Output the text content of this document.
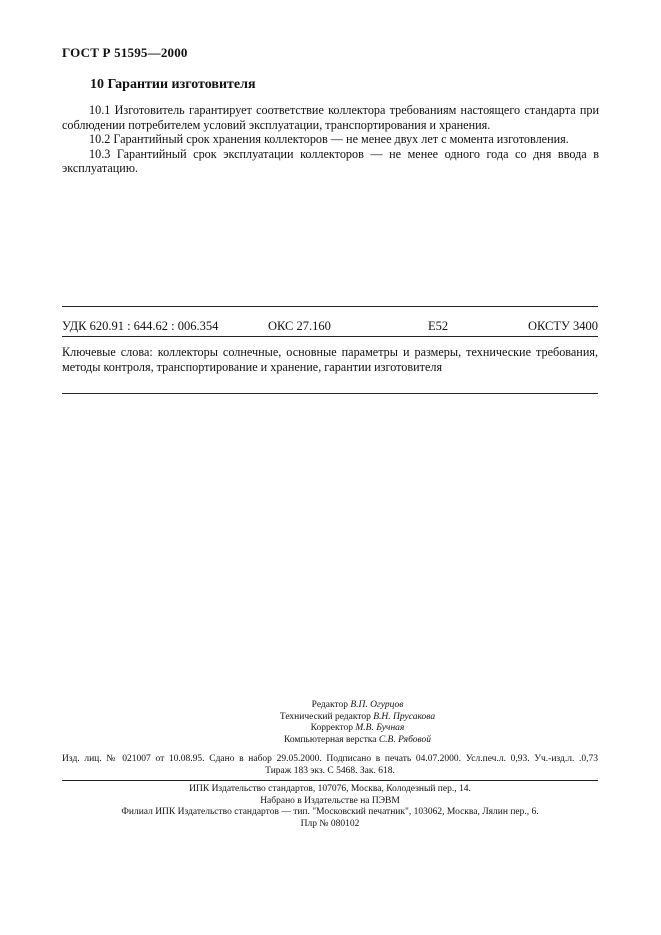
ГОСТ Р 51595—2000
10 Гарантии изготовителя

10.1 Изготовитель гарантирует соответствие коллектора требованиям настоящего стандарта при соблюдении потребителем условий эксплуатации, транспортирования и хранения.

10.2 Гарантийный срок хранения коллекторов — не менее двух лет с момента изготовления.

10.3 Гарантийный срок эксплуатации коллекторов — не менее одного года со дня ввода в эксплуатацию.

УДК 620.91 : 644.62 : 006.354	ОКС 27.160	Е52	ОКСТУ 3400
Ключевые слова: коллекторы солнечные, основные параметры и размеры, технические требования, методы контроля, транспортирование и хранение, гарантии изготовителя
Редактор В.П. Огурцов
Технический редактор В.Н. Прусакова
Корректор М.В. Бучная
Компьютерная верстка С.В. Рябовой
Изд. лиц. № 021007 от 10.08.95. Сдано в набор 29.05.2000. Подписано в печать 04.07.2000. Усл.печ.л. 0,93. Уч.-изд.л. .0,73
Тираж 183 экз. С 5468. Зак. 618.
ИПК Издательство стандартов, 107076, Москва, Колодезный пер., 14.
Набрано в Издательстве на ПЭВМ
Филиал ИПК Издательство стандартов — тип. "Московский печатник", 103062, Москва, Лялин пер., 6.
Плр № 080102
